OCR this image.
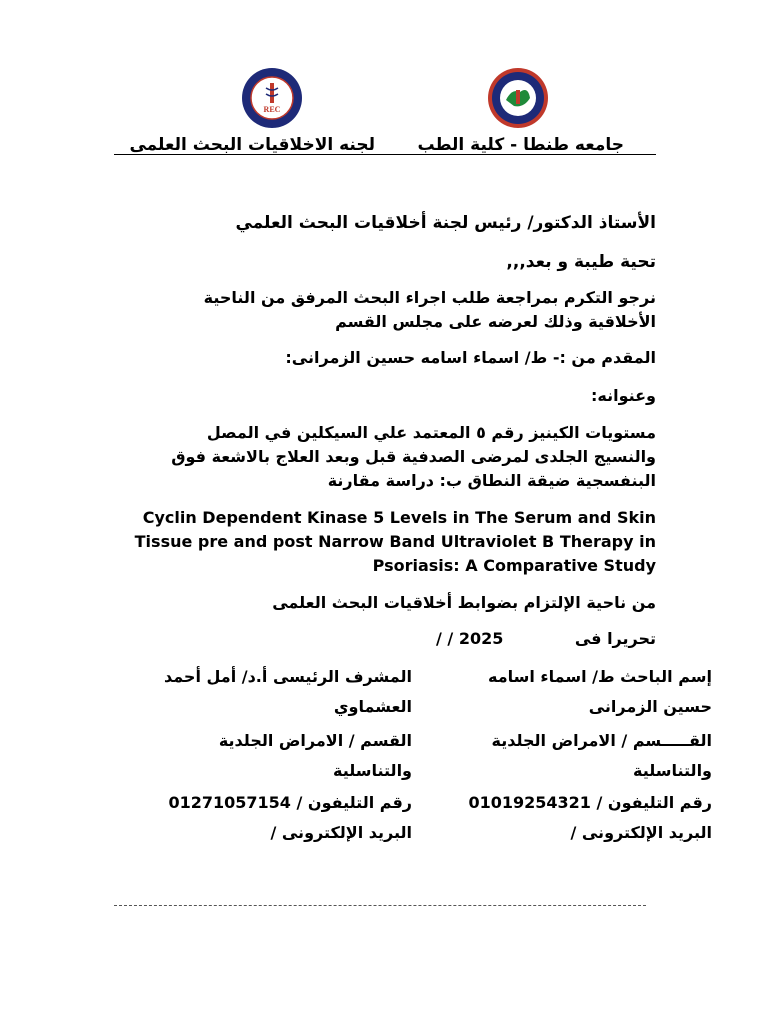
REC
لجنه الاخلاقيات البحث العلمى	جامعه طنطا - كلية الطب
الأستاذ الدكتور/ رئيس لجنة أخلاقيات البحث العلمي
تحية طيبة و بعد,,,
نرجو التكرم بمراجعة طلب اجراء البحث المرفق من الناحية
الأخلاقية وذلك لعرضه على مجلس القسم
المقدم من :- ط/ اسماء اسامه حسين الزمرانى:
وعنوانه:
مستويات الكينيز رقم ٥ المعتمد علي السيكلين في المصل
والنسيج الجلدى لمرضى الصدفية قبل وبعد العلاج بالاشعة فوق
البنفسجية ضيقة النطاق ب: دراسة مقارنة
Cyclin Dependent Kinase 5 Levels in The Serum and Skin
Tissue pre and post Narrow Band Ultraviolet B Therapy in
Psoriasis: A Comparative Study
من ناحية الإلتزام بضوابط أخلاقيات البحث العلمى
/ / 2025	تحريرا فى
إسم الباحث ط/ اسماء اسامه
حسين الزمرانى
القـــــسم / الامراض الجلدية
والتناسلية
رقم التليفون / 01019254321
البريد الإلكترونى /
المشرف الرئيسى أ.د/ أمل أحمد
العشماوي
القسم / الامراض الجلدية
والتناسلية
رقم التليفون / 01271057154
البريد الإلكترونى /
